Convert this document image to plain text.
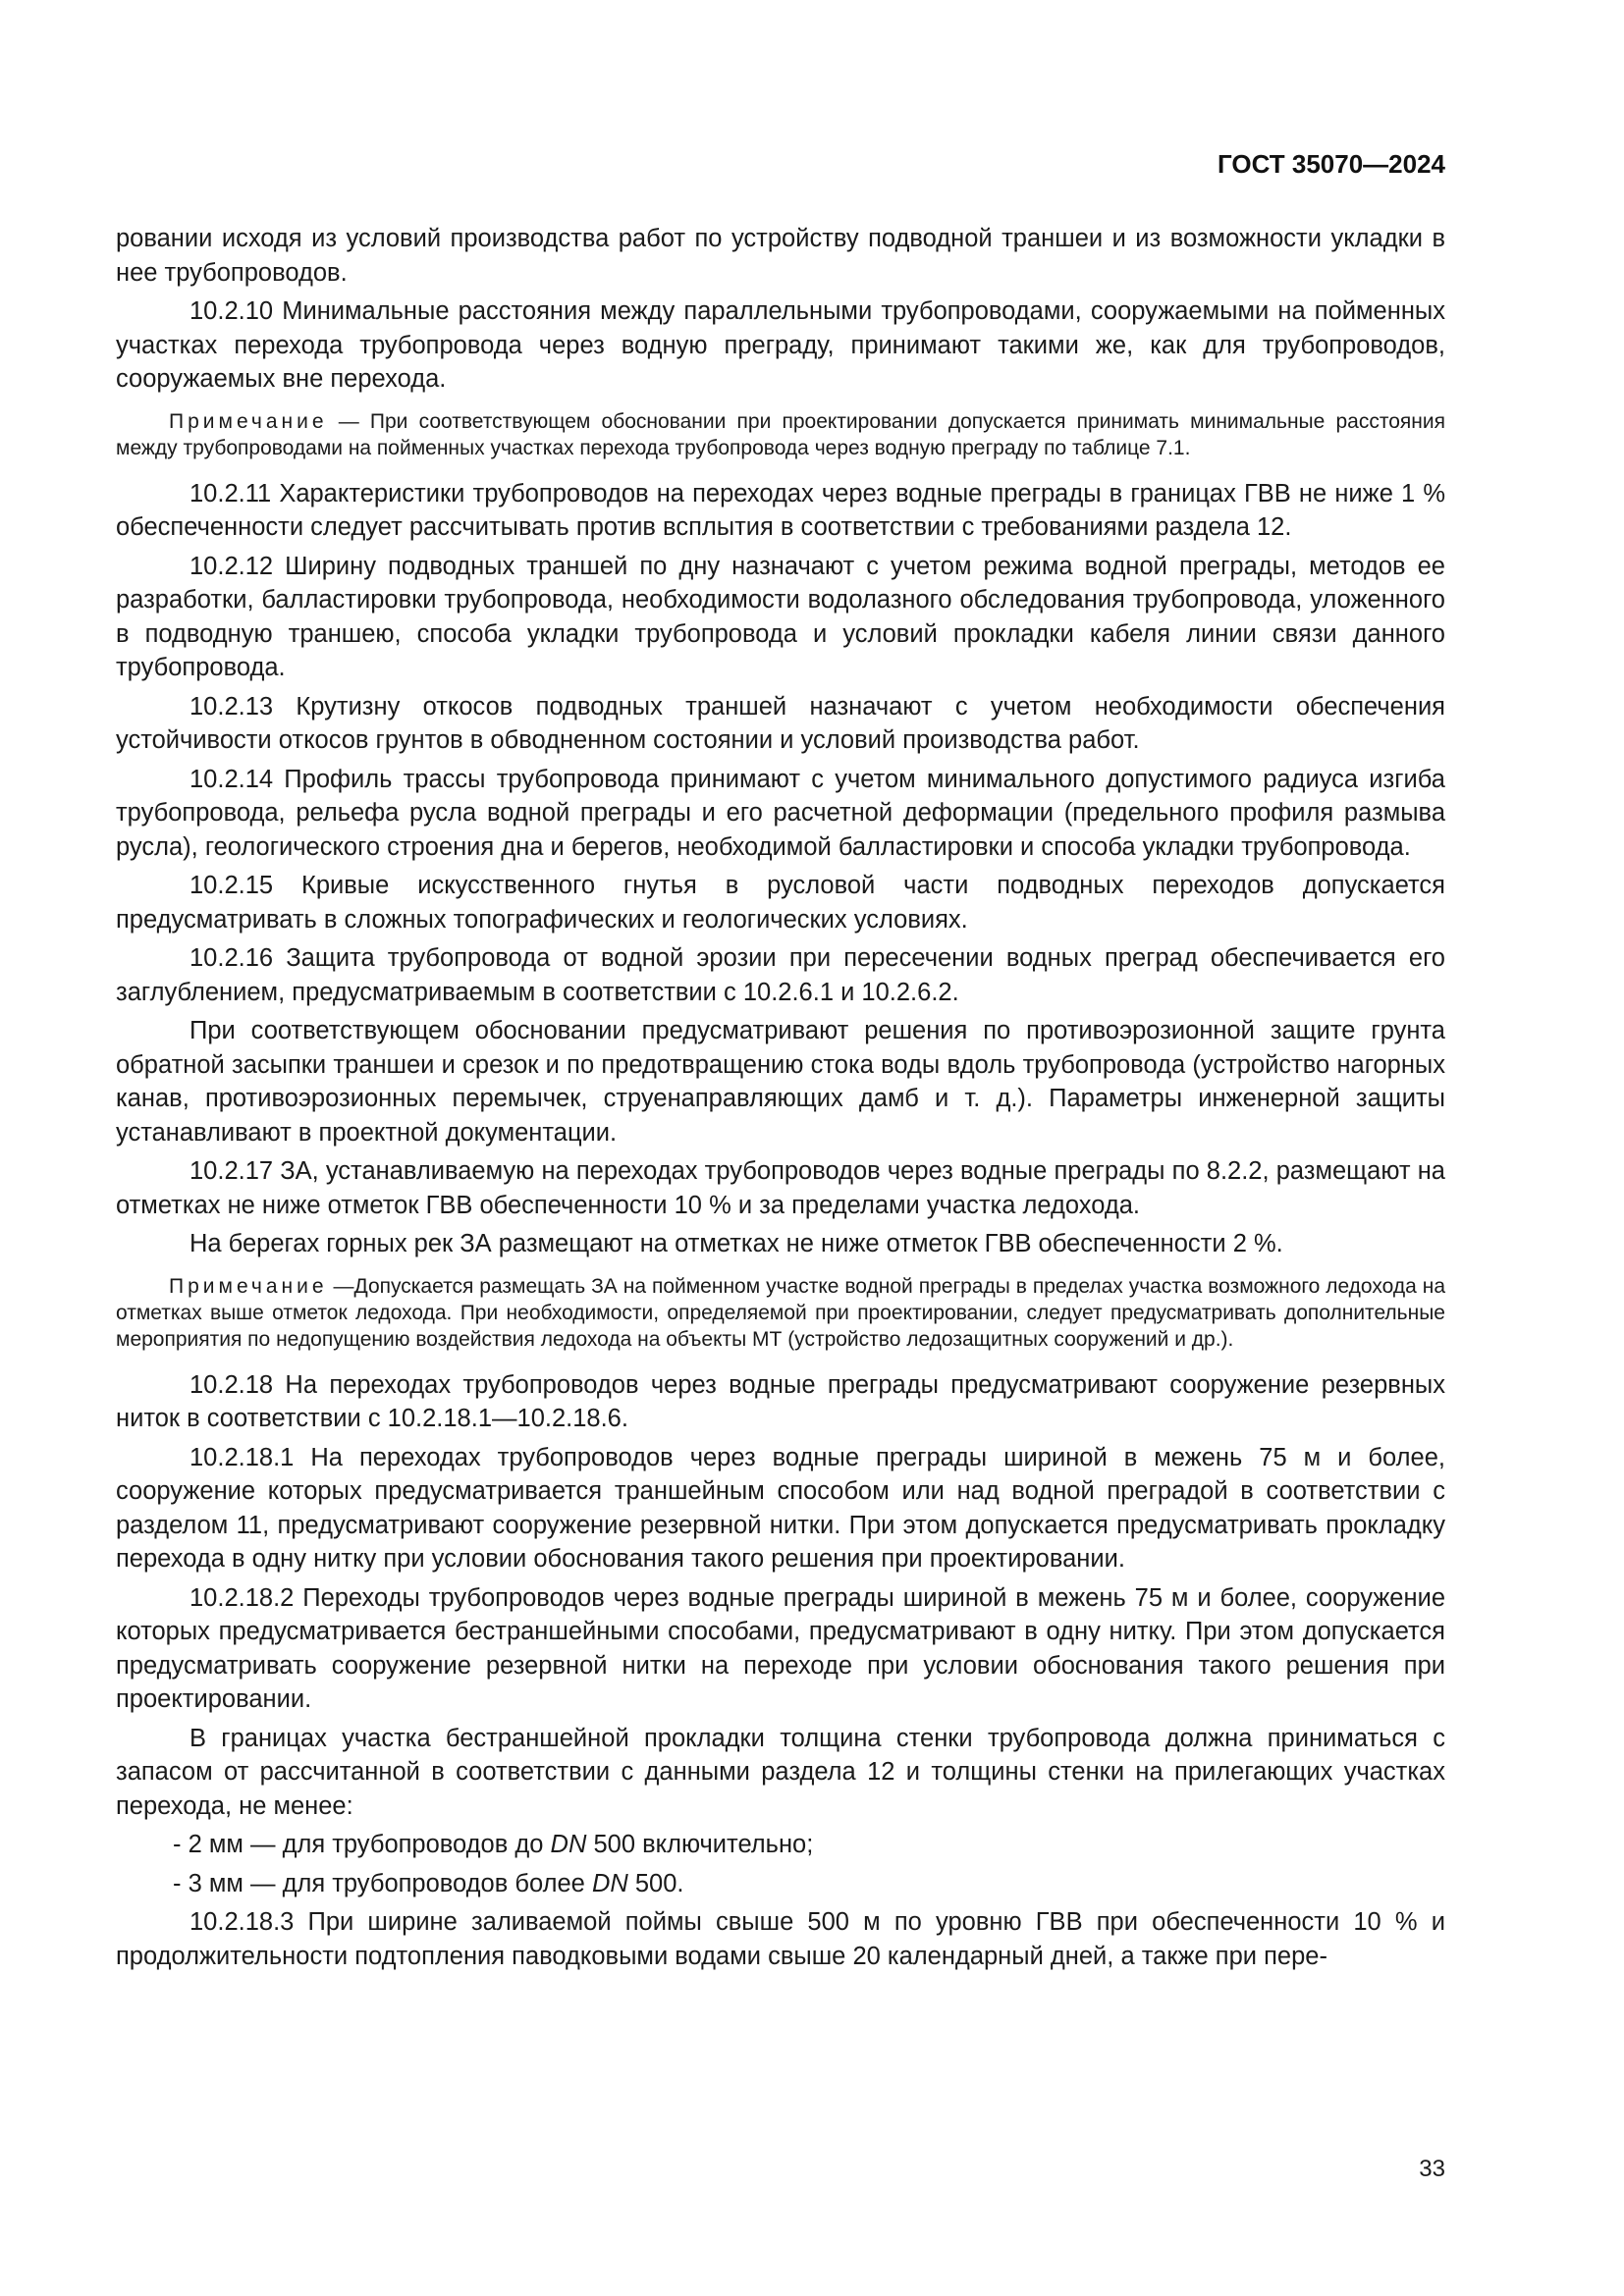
ГОСТ 35070—2024

ровании исходя из условий производства работ по устройству подводной траншеи и из возможности укладки в нее трубопроводов.

10.2.10 Минимальные расстояния между параллельными трубопроводами, сооружаемыми на пойменных участках перехода трубопровода через водную преграду, принимают такими же, как для трубопроводов, сооружаемых вне перехода.

Примечание — При соответствующем обосновании при проектировании допускается принимать минимальные расстояния между трубопроводами на пойменных участках перехода трубопровода через водную преграду по таблице 7.1.

10.2.11 Характеристики трубопроводов на переходах через водные преграды в границах ГВВ не ниже 1 % обеспеченности следует рассчитывать против всплытия в соответствии с требованиями раздела 12.

10.2.12 Ширину подводных траншей по дну назначают с учетом режима водной преграды, методов ее разработки, балластировки трубопровода, необходимости водолазного обследования трубопровода, уложенного в подводную траншею, способа укладки трубопровода и условий прокладки кабеля линии связи данного трубопровода.

10.2.13 Крутизну откосов подводных траншей назначают с учетом необходимости обеспечения устойчивости откосов грунтов в обводненном состоянии и условий производства работ.

10.2.14 Профиль трассы трубопровода принимают с учетом минимального допустимого радиуса изгиба трубопровода, рельефа русла водной преграды и его расчетной деформации (предельного профиля размыва русла), геологического строения дна и берегов, необходимой балластировки и способа укладки трубопровода.

10.2.15 Кривые искусственного гнутья в русловой части подводных переходов допускается предусматривать в сложных топографических и геологических условиях.

10.2.16 Защита трубопровода от водной эрозии при пересечении водных преград обеспечивается его заглублением, предусматриваемым в соответствии с 10.2.6.1 и 10.2.6.2.

При соответствующем обосновании предусматривают решения по противоэрозионной защите грунта обратной засыпки траншеи и срезок и по предотвращению стока воды вдоль трубопровода (устройство нагорных канав, противоэрозионных перемычек, струенаправляющих дамб и т. д.). Параметры инженерной защиты устанавливают в проектной документации.

10.2.17 ЗА, устанавливаемую на переходах трубопроводов через водные преграды по 8.2.2, размещают на отметках не ниже отметок ГВВ обеспеченности 10 % и за пределами участка ледохода.

На берегах горных рек ЗА размещают на отметках не ниже отметок ГВВ обеспеченности 2 %.

Примечание —Допускается размещать ЗА на пойменном участке водной преграды в пределах участка возможного ледохода на отметках выше отметок ледохода. При необходимости, определяемой при проектировании, следует предусматривать дополнительные мероприятия по недопущению воздействия ледохода на объекты МТ (устройство ледозащитных сооружений и др.).

10.2.18 На переходах трубопроводов через водные преграды предусматривают сооружение резервных ниток в соответствии с 10.2.18.1—10.2.18.6.

10.2.18.1 На переходах трубопроводов через водные преграды шириной в межень 75 м и более, сооружение которых предусматривается траншейным способом или над водной преградой в соответствии с разделом 11, предусматривают сооружение резервной нитки. При этом допускается предусматривать прокладку перехода в одну нитку при условии обоснования такого решения при проектировании.

10.2.18.2 Переходы трубопроводов через водные преграды шириной в межень 75 м и более, сооружение которых предусматривается бестраншейными способами, предусматривают в одну нитку. При этом допускается предусматривать сооружение резервной нитки на переходе при условии обоснования такого решения при проектировании.

В границах участка бестраншейной прокладки толщина стенки трубопровода должна приниматься с запасом от рассчитанной в соответствии с данными раздела 12 и толщины стенки на прилегающих участках перехода, не менее:

- 2 мм — для трубопроводов до DN 500 включительно;

- 3 мм — для трубопроводов более DN 500.

10.2.18.3 При ширине заливаемой поймы свыше 500 м по уровню ГВВ при обеспеченности 10 % и продолжительности подтопления паводковыми водами свыше 20 календарный дней, а также при пере-

33
